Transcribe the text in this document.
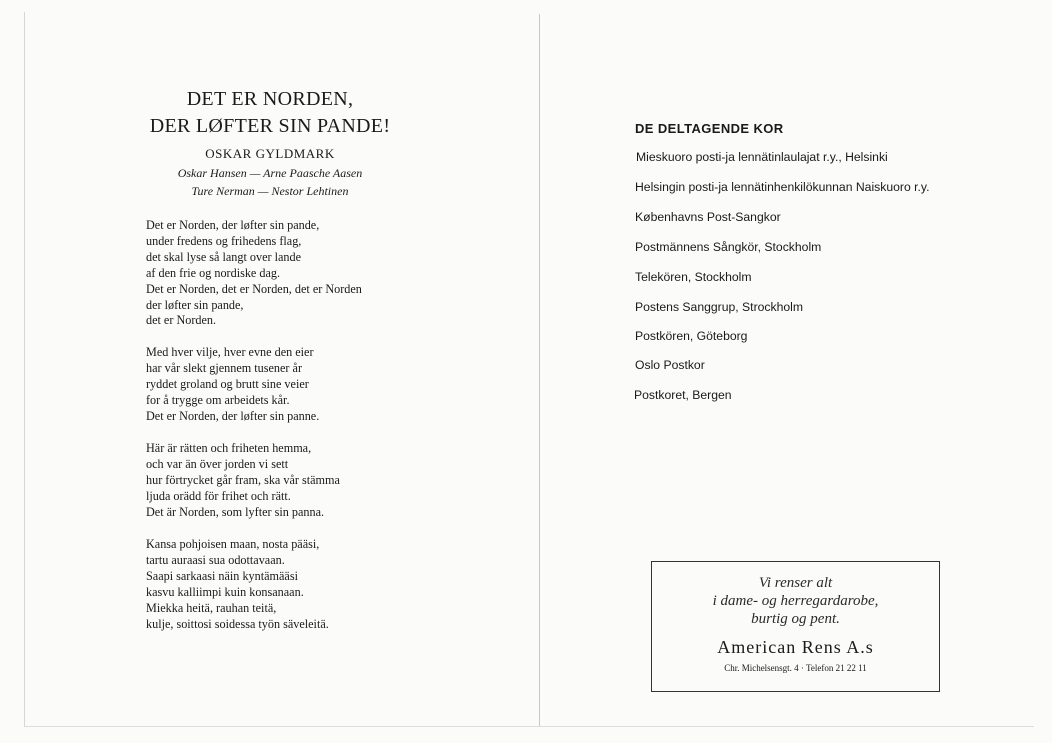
DET ER NORDEN,
DER LØFTER SIN PANDE!
OSKAR GYLDMARK
Oskar Hansen — Arne Paasche Aasen
Ture Nerman — Nestor Lehtinen
Det er Norden, der løfter sin pande,
under fredens og frihedens flag,
det skal lyse så langt over lande
af den frie og nordiske dag.
Det er Norden, det er Norden, det er Norden
der løfter sin pande,
det er Norden.
Med hver vilje, hver evne den eier
har vår slekt gjennem tusener år
ryddet groland og brutt sine veier
for å trygge om arbeidets kår.
Det er Norden, der løfter sin panne.
Här är rätten och friheten hemma,
och var än över jorden vi sett
hur förtrycket går fram, ska vår stämma
ljuda orädd för frihet och rätt.
Det är Norden, som lyfter sin panna.
Kansa pohjoisen maan, nosta pääsi,
tartu auraasi sua odottavaan.
Saapi sarkaasi näin kyntämääsi
kasvu kalliimpi kuin konsanaan.
Miekka heitä, rauhan teitä,
kulje, soittosi soidessa työn säveleitä.
DE DELTAGENDE KOR
Mieskuoro posti-ja lennätinlaulajat r.y., Helsinki
Helsingin posti-ja lennätinhenkilökunnan Naiskuoro r.y.
Københavns Post-Sangkor
Postmännens Sångkör, Stockholm
Telekören, Stockholm
Postens Sanggrup, Strockholm
Postkören, Göteborg
Oslo Postkor
Postkoret, Bergen
Vi renser alt
i dame- og herregardarobe,
burtig og pent.
American Rens A.s
Chr. Michelsensgt. 4 · Telefon 21 22 11
